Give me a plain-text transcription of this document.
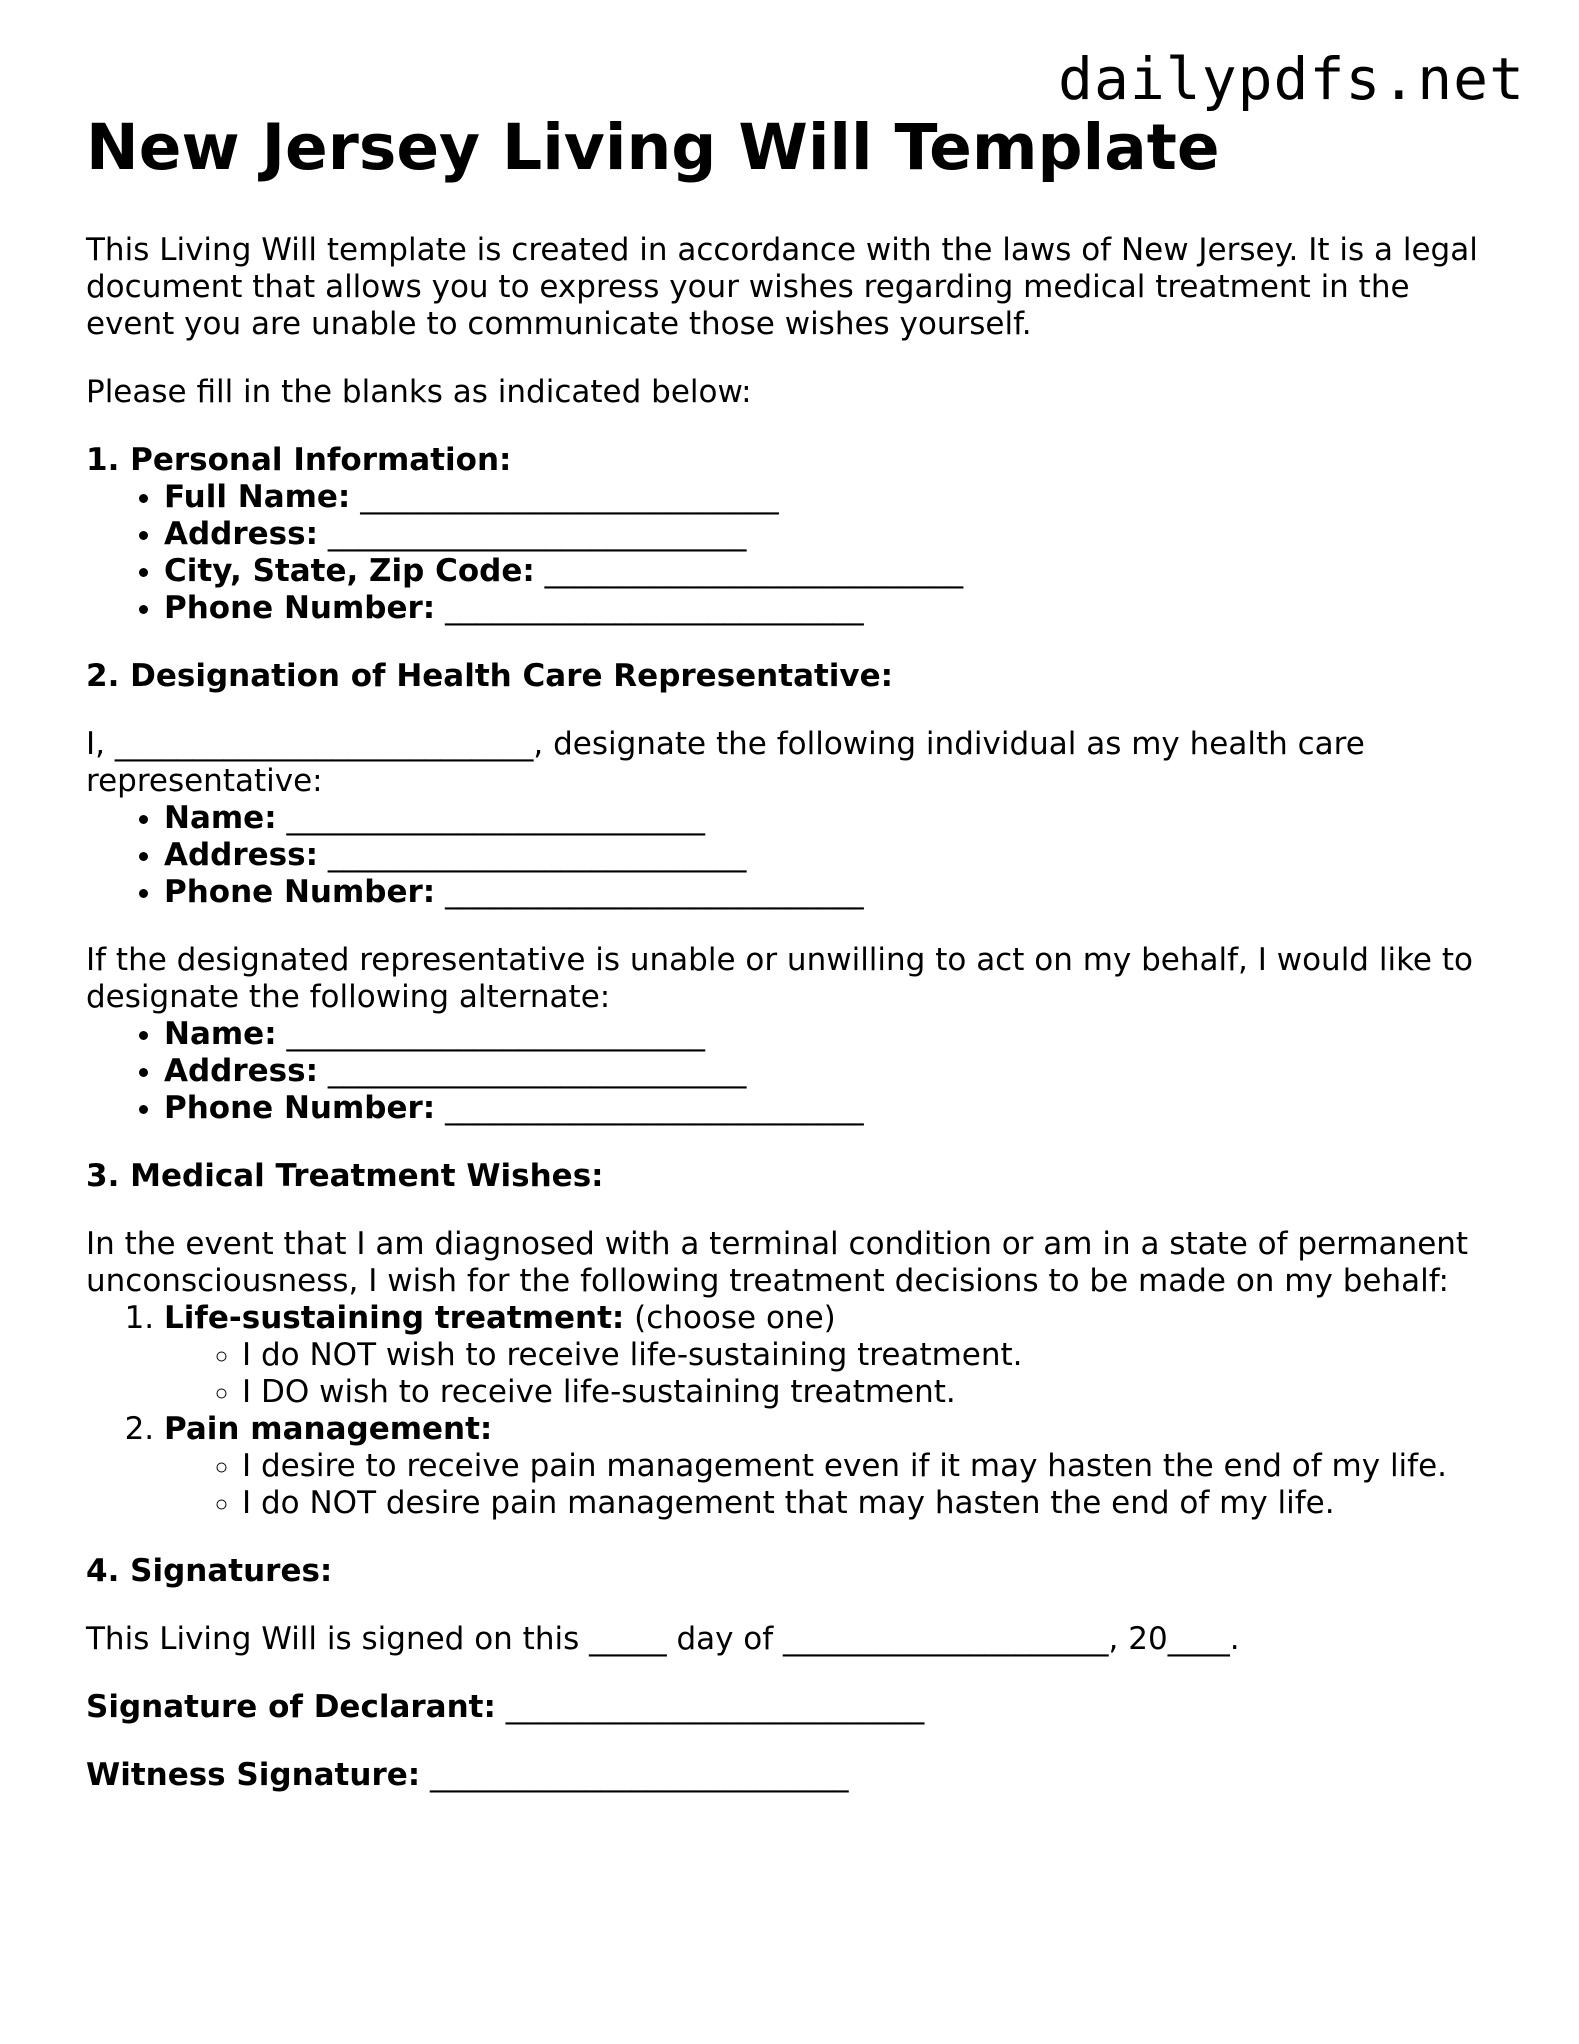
dailypdfs.net
New Jersey Living Will Template

This Living Will template is created in accordance with the laws of New Jersey. It is a legal document that allows you to express your wishes regarding medical treatment in the event you are unable to communicate those wishes yourself.

Please fill in the blanks as indicated below:

1. Personal Information:
• Full Name: ___________________________
• Address: ___________________________
• City, State, Zip Code: ___________________________
• Phone Number: ___________________________
2. Designation of Health Care Representative:

I, ___________________________, designate the following individual as my health care representative:

• Name: ___________________________
• Address: ___________________________
• Phone Number: ___________________________

If the designated representative is unable or unwilling to act on my behalf, I would like to designate the following alternate:

• Name: ___________________________
• Address: ___________________________
• Phone Number: ___________________________
3. Medical Treatment Wishes:

In the event that I am diagnosed with a terminal condition or am in a state of permanent unconsciousness, I wish for the following treatment decisions to be made on my behalf:

1. Life-sustaining treatment: (choose one)
◦ I do NOT wish to receive life-sustaining treatment.
◦ I DO wish to receive life-sustaining treatment.
2. Pain management:
◦ I desire to receive pain management even if it may hasten the end of my life.
◦ I do NOT desire pain management that may hasten the end of my life.
4. Signatures:

This Living Will is signed on this _____ day of _____________________, 20____.

Signature of Declarant: ___________________________

Witness Signature: ___________________________
